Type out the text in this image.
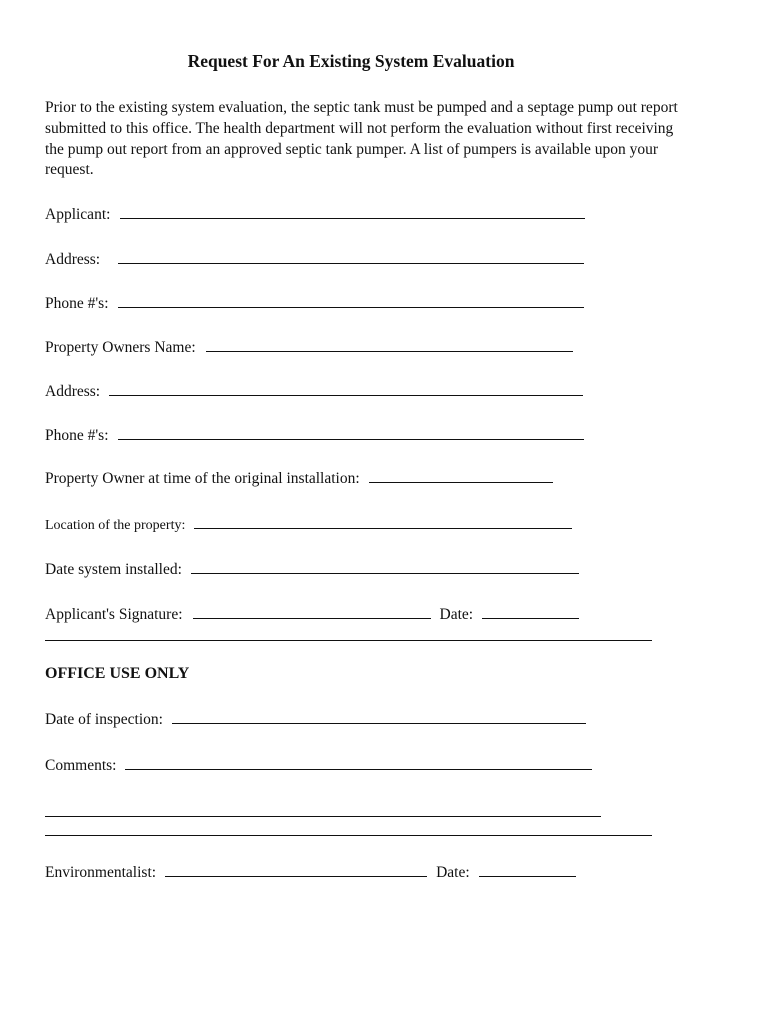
Request For An Existing System Evaluation
Prior to the existing system evaluation, the septic tank must be pumped and a septage pump out report submitted to this office. The health department will not perform the evaluation without first receiving the pump out report from an approved septic tank pumper. A list of pumpers is available upon your request.
Applicant:
Address:
Phone #'s:
Property Owners Name:
Address:
Phone #'s:
Property Owner at time of the original installation:
Location of the property:
Date system installed:
Applicant's Signature:	Date:
OFFICE USE ONLY
Date of inspection:
Comments:
Environmentalist:	Date:
